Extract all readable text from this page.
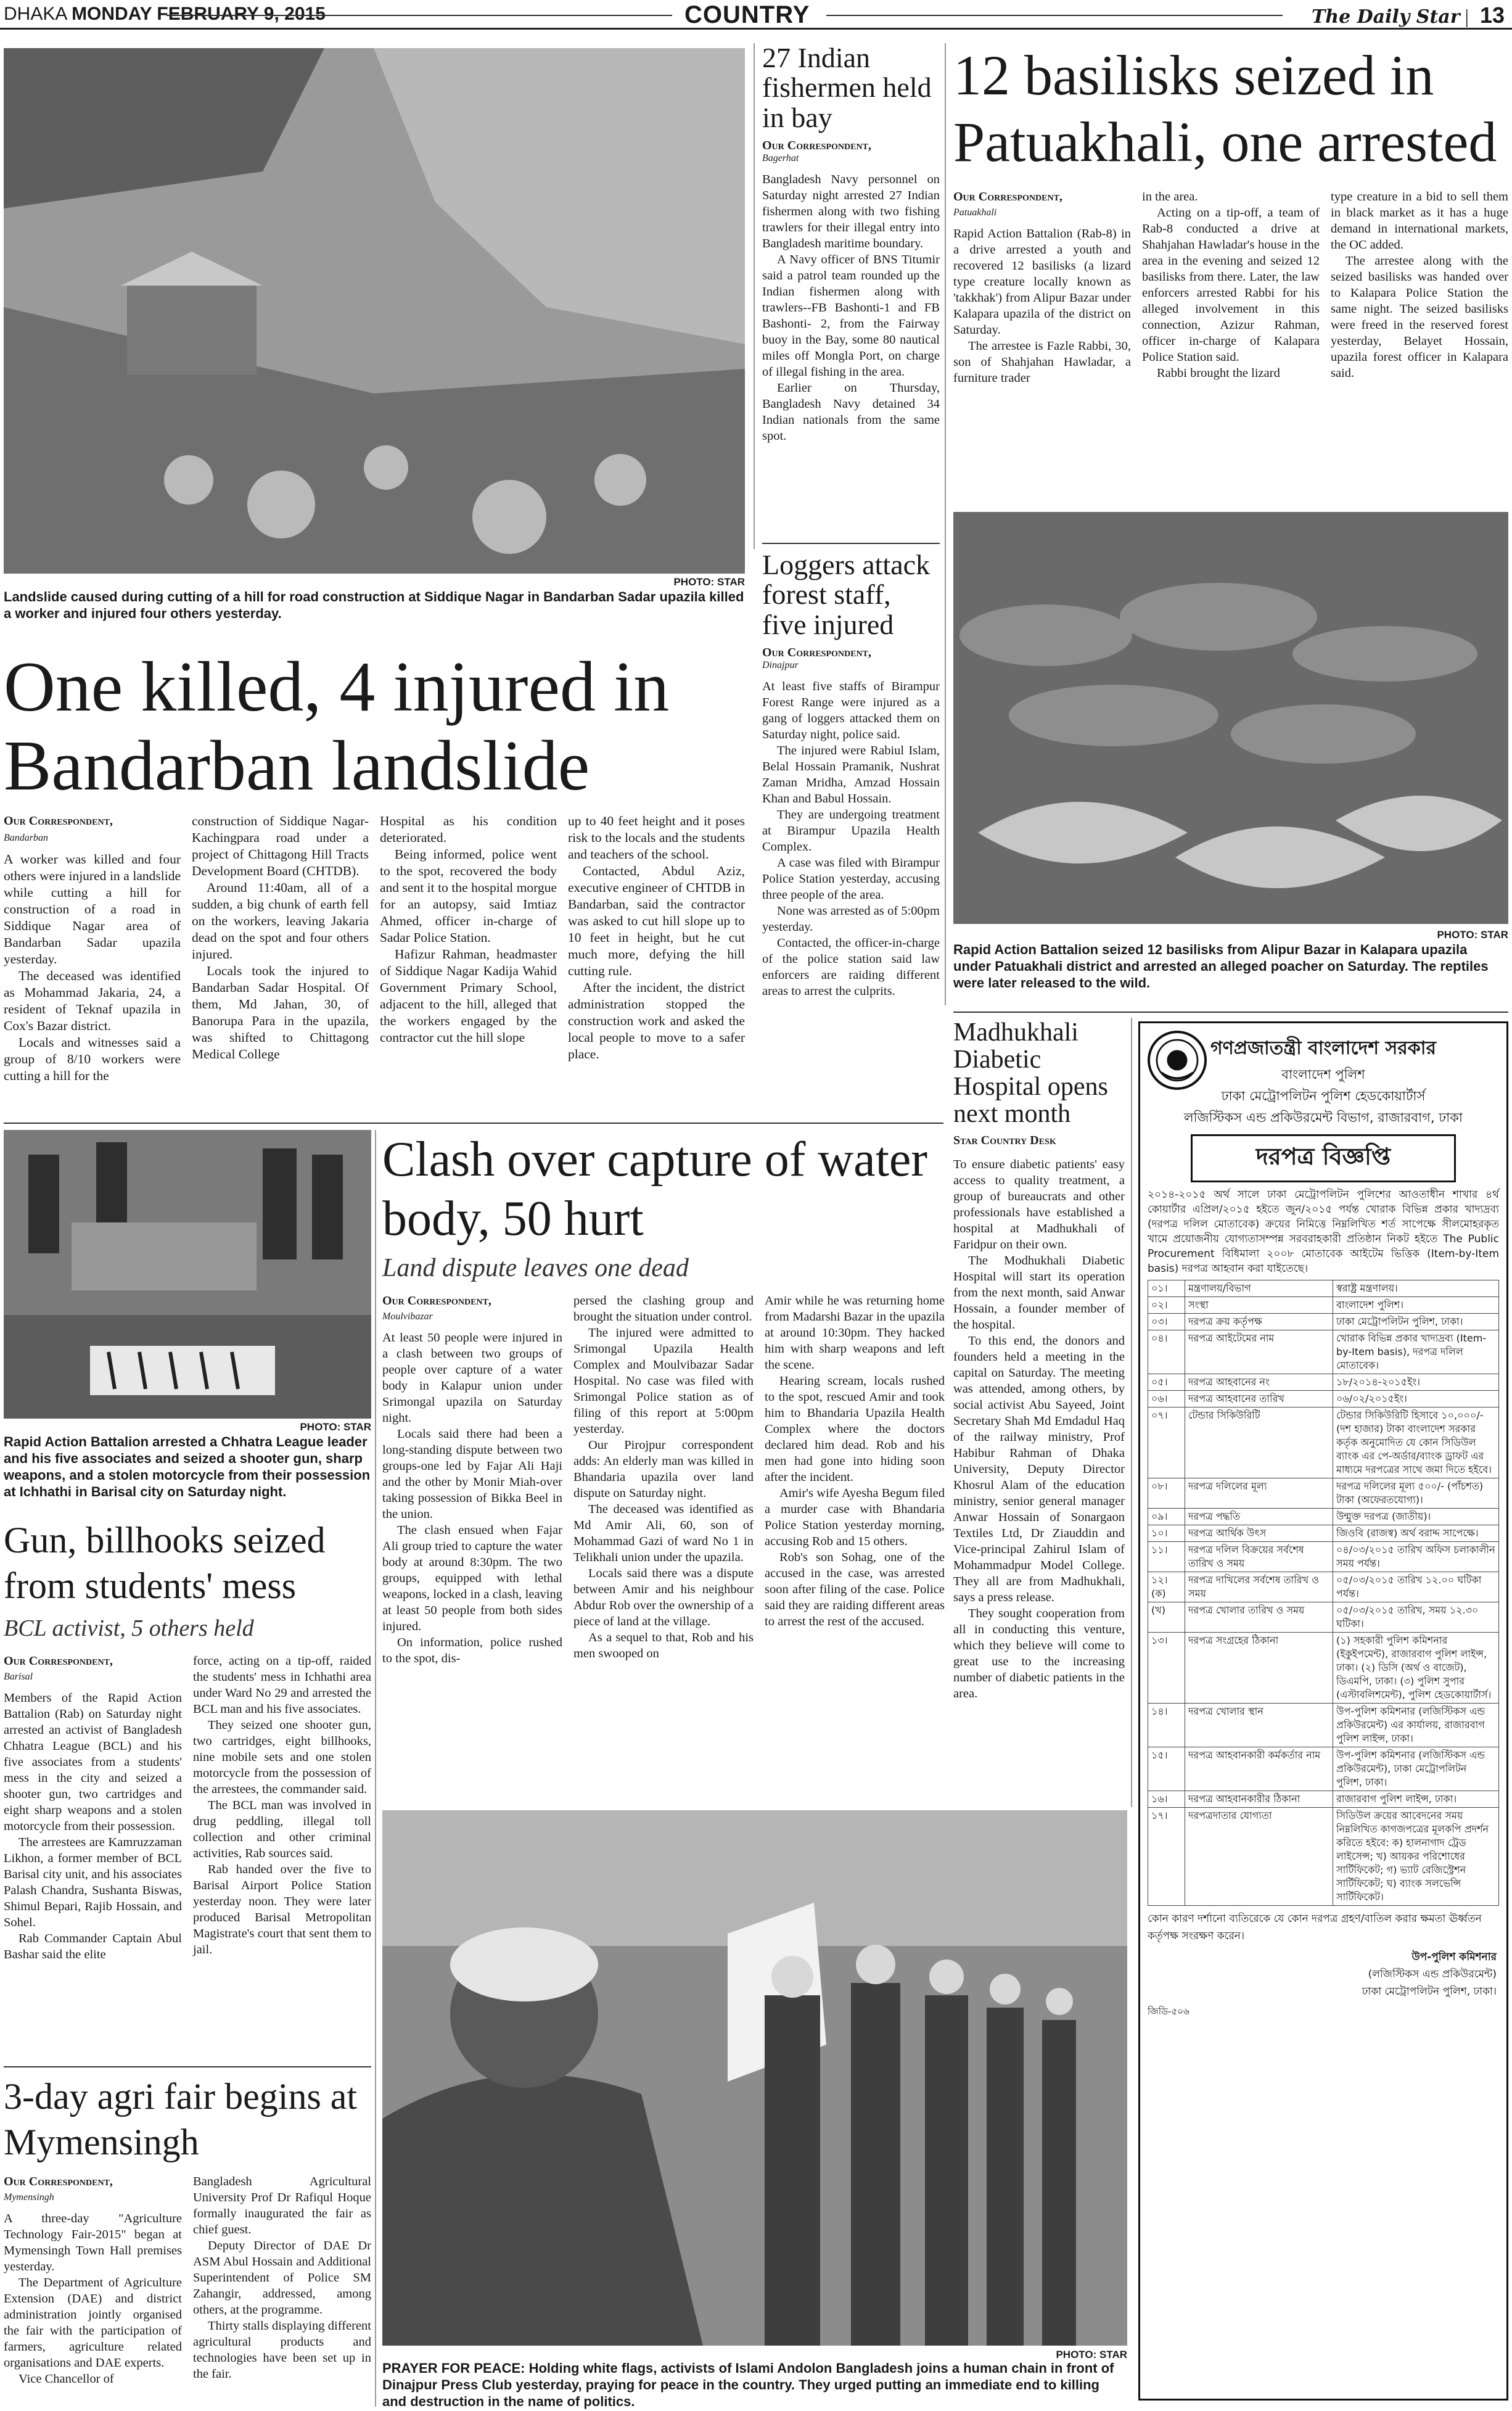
DHAKA MONDAY FEBRUARY 9, 2015	COUNTRY	The Daily Star | 13
PHOTO: STAR
Landslide caused during cutting of a hill for road construction at Siddique Nagar in Bandarban Sadar upazila killed a worker and injured four others yesterday.
One killed, 4 injured in Bandarban landslide
Our Correspondent,
Bandarban

A worker was killed and four others were injured in a landslide while cutting a hill for construction of a road in Siddique Nagar area of Bandarban Sadar upazila yesterday.

The deceased was identified as Mohammad Jakaria, 24, a resident of Teknaf upazila in Cox's Bazar district.

Locals and witnesses said a group of 8/10 workers were cutting a hill for the

construction of Siddique Nagar-Kachingpara road under a project of Chittagong Hill Tracts Development Board (CHTDB).

Around 11:40am, all of a sudden, a big chunk of earth fell on the workers, leaving Jakaria dead on the spot and four others injured.

Locals took the injured to Bandarban Sadar Hospital. Of them, Md Jahan, 30, of Banorupa Para in the upazila, was shifted to Chittagong Medical College

Hospital as his condition deteriorated.

Being informed, police went to the spot, recovered the body and sent it to the hospital morgue for an autopsy, said Imtiaz Ahmed, officer in-charge of Sadar Police Station.

Hafizur Rahman, headmaster of Siddique Nagar Kadija Wahid Government Primary School, adjacent to the hill, alleged that the workers engaged by the contractor cut the hill slope

up to 40 feet height and it poses risk to the locals and the students and teachers of the school.

Contacted, Abdul Aziz, executive engineer of CHTDB in Bandarban, said the contractor was asked to cut hill slope up to 10 feet in height, but he cut much more, defying the hill cutting rule.

After the incident, the district administration stopped the construction work and asked the local people to move to a safer place.

27 Indian fishermen held in bay
Our Correspondent,
Bagerhat

Bangladesh Navy personnel on Saturday night arrested 27 Indian fishermen along with two fishing trawlers for their illegal entry into Bangladesh maritime boundary.

A Navy officer of BNS Titumir said a patrol team rounded up the Indian fishermen along with trawlers--FB Bashonti-1 and FB Bashonti- 2, from the Fairway buoy in the Bay, some 80 nautical miles off Mongla Port, on charge of illegal fishing in the area.

Earlier on Thursday, Bangladesh Navy detained 34 Indian nationals from the same spot.

Loggers attack forest staff, five injured
Our Correspondent,
Dinajpur

At least five staffs of Birampur Forest Range were injured as a gang of loggers attacked them on Saturday night, police said.

The injured were Rabiul Islam, Belal Hossain Pramanik, Nushrat Zaman Mridha, Amzad Hossain Khan and Babul Hossain.

They are undergoing treatment at Birampur Upazila Health Complex.

A case was filed with Birampur Police Station yesterday, accusing three people of the area.

None was arrested as of 5:00pm yesterday.

Contacted, the officer-in-charge of the police station said law enforcers are raiding different areas to arrest the culprits.

12 basilisks seized in Patuakhali, one arrested
Our Correspondent,
Patuakhali

Rapid Action Battalion (Rab-8) in a drive arrested a youth and recovered 12 basilisks (a lizard type creature locally known as 'takkhak') from Alipur Bazar under Kalapara upazila of the district on Saturday.

The arrestee is Fazle Rabbi, 30, son of Shahjahan Hawladar, a furniture trader

in the area.

Acting on a tip-off, a team of Rab-8 conducted a drive at Shahjahan Hawladar's house in the area in the evening and seized 12 basilisks from there. Later, the law enforcers arrested Rabbi for his alleged involvement in this connection, Azizur Rahman, officer in-charge of Kalapara Police Station said.

Rabbi brought the lizard

type creature in a bid to sell them in black market as it has a huge demand in international markets, the OC added.

The arrestee along with the seized basilisks was handed over to Kalapara Police Station the same night. The seized basilisks were freed in the reserved forest yesterday, Belayet Hossain, upazila forest officer in Kalapara said.

PHOTO: STAR
Rapid Action Battalion seized 12 basilisks from Alipur Bazar in Kalapara upazila under Patuakhali district and arrested an alleged poacher on Saturday. The reptiles were later released to the wild.
PHOTO: STAR
Rapid Action Battalion arrested a Chhatra League leader and his five associates and seized a shooter gun, sharp weapons, and a stolen motorcycle from their possession at Ichhathi in Barisal city on Saturday night.
Gun, billhooks seized from students' mess
BCL activist, 5 others held
Our Correspondent,
Barisal

Members of the Rapid Action Battalion (Rab) on Saturday night arrested an activist of Bangladesh Chhatra League (BCL) and his five associates from a students' mess in the city and seized a shooter gun, two cartridges and eight sharp weapons and a stolen motorcycle from their possession.

The arrestees are Kamruzzaman Likhon, a former member of BCL Barisal city unit, and his associates Palash Chandra, Sushanta Biswas, Shimul Bepari, Rajib Hossain, and Sohel.

Rab Commander Captain Abul Bashar said the elite

force, acting on a tip-off, raided the students' mess in Ichhathi area under Ward No 29 and arrested the BCL man and his five associates.

They seized one shooter gun, two cartridges, eight billhooks, nine mobile sets and one stolen motorcycle from the possession of the arrestees, the commander said.

The BCL man was involved in drug peddling, illegal toll collection and other criminal activities, Rab sources said.

Rab handed over the five to Barisal Airport Police Station yesterday noon. They were later produced Barisal Metropolitan Magistrate's court that sent them to jail.

3-day agri fair begins at Mymensingh
Our Correspondent,
Mymensingh

A three-day "Agriculture Technology Fair-2015" began at Mymensingh Town Hall premises yesterday.

The Department of Agriculture Extension (DAE) and district administration jointly organised the fair with the participation of farmers, agriculture related organisations and DAE experts.

Vice Chancellor of

Bangladesh Agricultural University Prof Dr Rafiqul Hoque formally inaugurated the fair as chief guest.

Deputy Director of DAE Dr ASM Abul Hossain and Additional Superintendent of Police SM Zahangir, addressed, among others, at the programme.

Thirty stalls displaying different agricultural products and technologies have been set up in the fair.

Clash over capture of water body, 50 hurt
Land dispute leaves one dead
Our Correspondent,
Moulvibazar

At least 50 people were injured in a clash between two groups of people over capture of a water body in Kalapur union under Srimongal upazila on Saturday night.

Locals said there had been a long-standing dispute between two groups-one led by Fajar Ali Haji and the other by Monir Miah-over taking possession of Bikka Beel in the union.

The clash ensued when Fajar Ali group tried to capture the water body at around 8:30pm. The two groups, equipped with lethal weapons, locked in a clash, leaving at least 50 people from both sides injured.

On information, police rushed to the spot, dis-

persed the clashing group and brought the situation under control.

The injured were admitted to Srimongal Upazila Health Complex and Moulvibazar Sadar Hospital. No case was filed with Srimongal Police station as of filing of this report at 5:00pm yesterday.

Our Pirojpur correspondent adds: An elderly man was killed in Bhandaria upazila over land dispute on Saturday night.

The deceased was identified as Md Amir Ali, 60, son of Mohammad Gazi of ward No 1 in Telikhali union under the upazila.

Locals said there was a dispute between Amir and his neighbour Abdur Rob over the ownership of a piece of land at the village.

As a sequel to that, Rob and his men swooped on

Amir while he was returning home from Madarshi Bazar in the upazila at around 10:30pm. They hacked him with sharp weapons and left the scene.

Hearing scream, locals rushed to the spot, rescued Amir and took him to Bhandaria Upazila Health Complex where the doctors declared him dead. Rob and his men had gone into hiding soon after the incident.

Amir's wife Ayesha Begum filed a murder case with Bhandaria Police Station yesterday morning, accusing Rob and 15 others.

Rob's son Sohag, one of the accused in the case, was arrested soon after filing of the case. Police said they are raiding different areas to arrest the rest of the accused.

PHOTO: STAR
PRAYER FOR PEACE: Holding white flags, activists of Islami Andolon Bangladesh joins a human chain in front of Dinajpur Press Club yesterday, praying for peace in the country. They urged putting an immediate end to killing and destruction in the name of politics.
Madhukhali Diabetic Hospital opens next month
Star Country Desk

To ensure diabetic patients' easy access to quality treatment, a group of bureaucrats and other professionals have established a hospital at Madhukhali of Faridpur on their own.

The Modhukhali Diabetic Hospital will start its operation from the next month, said Anwar Hossain, a founder member of the hospital.

To this end, the donors and founders held a meeting in the capital on Saturday. The meeting was attended, among others, by social activist Abu Sayeed, Joint Secretary Shah Md Emdadul Haq of the railway ministry, Prof Habibur Rahman of Dhaka University, Deputy Director Khosrul Alam of the education ministry, senior general manager Anwar Hossain of Sonargaon Textiles Ltd, Dr Ziauddin and Vice-principal Zahirul Islam of Mohammadpur Model College. They all are from Madhukhali, says a press release.

They sought cooperation from all in conducting this venture, which they believe will come to great use to the increasing number of diabetic patients in the area.

গণপ্রজাতন্ত্রী বাংলাদেশ সরকার
বাংলাদেশ পুলিশ
ঢাকা মেট্রোপলিটন পুলিশ হেডকোয়ার্টার্স
লজিস্টিকস এন্ড প্রকিউরমেন্ট বিভাগ, রাজারবাগ, ঢাকা
দরপত্র বিজ্ঞপ্তি
২০১৪-২০১৫ অর্থ সালে ঢাকা মেট্রোপলিটন পুলিশের আওতাধীন শাখার ৪র্থ কোয়ার্টার এপ্রিল/২০১৫ হইতে জুন/২০১৫ পর্যন্ত খোরাক বিভিন্ন প্রকার খাদ্যদ্রব্য (দরপত্র দলিল মোতাবেক) ক্রয়ের নিমিত্তে নিম্নলিখিত শর্ত সাপেক্ষে সীলমোহরকৃত খামে প্রয়োজনীয় যোগ্যতাসম্পন্ন সরবরাহকারী প্রতিষ্ঠান নিকট হইতে The Public Procurement বিধিমালা ২০০৮ মোতাবেক আইটেম ভিত্তিক (Item-by-Item basis) দরপত্র আহবান করা যাইতেছে।
০১।	মন্ত্রণালয়/বিভাগ	স্বরাষ্ট্র মন্ত্রণালয়।
০২।	সংস্থা	বাংলাদেশ পুলিশ।
০৩।	দরপত্র ক্রয় কর্তৃপক্ষ	ঢাকা মেট্রোপলিটন পুলিশ, ঢাকা।
০৪।	দরপত্র আইটেমের নাম	খোরাক বিভিন্ন প্রকার খাদ্যদ্রব্য (Item-by-Item basis), দরপত্র দলিল মোতাবেক।
০৫।	দরপত্র আহবানের নং	১৮/২০১৪-২০১৫ইং।
০৬।	দরপত্র আহবানের তারিখ	০৬/০২/২০১৫ইং।
০৭।	টেন্ডার সিকিউরিটি	টেন্ডার সিকিউরিটি হিসাবে ১০,০০০/- (দশ হাজার) টাকা বাংলাদেশ সরকার কর্তৃক অনুমোদিত যে কোন সিডিউল ব্যাংক এর পে-অর্ডার/ব্যাংক ড্রাফট এর মাধ্যমে দরপত্রের সাথে জমা দিতে হইবে।
০৮।	দরপত্র দলিলের মূল্য	দরপত্র দলিলের মূল্য ৫০০/- (পাঁচশত) টাকা (অফেরতযোগ্য)।
০৯।	দরপত্র পদ্ধতি	উন্মুক্ত দরপত্র (জাতীয়)।
১০।	দরপত্র আর্থিক উৎস	জিওবি (রাজস্ব) অর্থ বরাদ্দ সাপেক্ষে।
১১।	দরপত্র দলিল বিক্রয়ের সর্বশেষ তারিখ ও সময়	০৪/০৩/২০১৫ তারিখ অফিস চলাকালীন সময় পর্যন্ত।
১২। (ক)	দরপত্র দাখিলের সর্বশেষ তারিখ ও সময়	০৫/০৩/২০১৫ তারিখ ১২.০০ ঘটিকা পর্যন্ত।
(খ)	দরপত্র খোলার তারিখ ও সময়	০৫/০৩/২০১৫ তারিখ, সময় ১২.৩০ ঘটিকা।
১৩।	দরপত্র সংগ্রহের ঠিকানা	(১) সহকারী পুলিশ কমিশনার (ইকুইপমেন্ট), রাজারবাগ পুলিশ লাইন্স, ঢাকা। (২) ডিসি (অর্থ ও বাজেট), ডিএমপি, ঢাকা। (৩) পুলিশ সুপার (এস্টাবলিশমেন্ট), পুলিশ হেডকোয়ার্টার্স।
১৪।	দরপত্র খোলার স্থান	উপ-পুলিশ কমিশনার (লজিস্টিকস এন্ড প্রকিউরমেন্ট) এর কার্যালয়, রাজারবাগ পুলিশ লাইন্স, ঢাকা।
১৫।	দরপত্র আহবানকারী কর্মকর্তার নাম	উপ-পুলিশ কমিশনার (লজিস্টিকস এন্ড প্রকিউরমেন্ট), ঢাকা মেট্রোপলিটন পুলিশ, ঢাকা।
১৬।	দরপত্র আহবানকারীর ঠিকানা	রাজারবাগ পুলিশ লাইন্স, ঢাকা।
১৭।	দরপত্রদাতার যোগ্যতা	সিডিউল ক্রয়ের আবেদনের সময় নিম্নলিখিত কাগজপত্রের মূলকপি প্রদর্শন করিতে হইবে: ক) হালনাগাদ ট্রেড লাইসেন্স; খ) আয়কর পরিশোধের সার্টিফিকেট; গ) ভ্যাট রেজিস্ট্রেশন সার্টিফিকেট; ঘ) ব্যাংক সলভেন্সি সার্টিফিকেট।
কোন কারণ দর্শানো ব্যতিরেকে যে কোন দরপত্র গ্রহণ/বাতিল করার ক্ষমতা ঊর্ধ্বতন কর্তৃপক্ষ সংরক্ষণ করেন।
উপ-পুলিশ কমিশনার
(লজিস্টিকস এন্ড প্রকিউরমেন্ট)
ঢাকা মেট্রোপলিটন পুলিশ, ঢাকা।
জিডি-৫০৬
